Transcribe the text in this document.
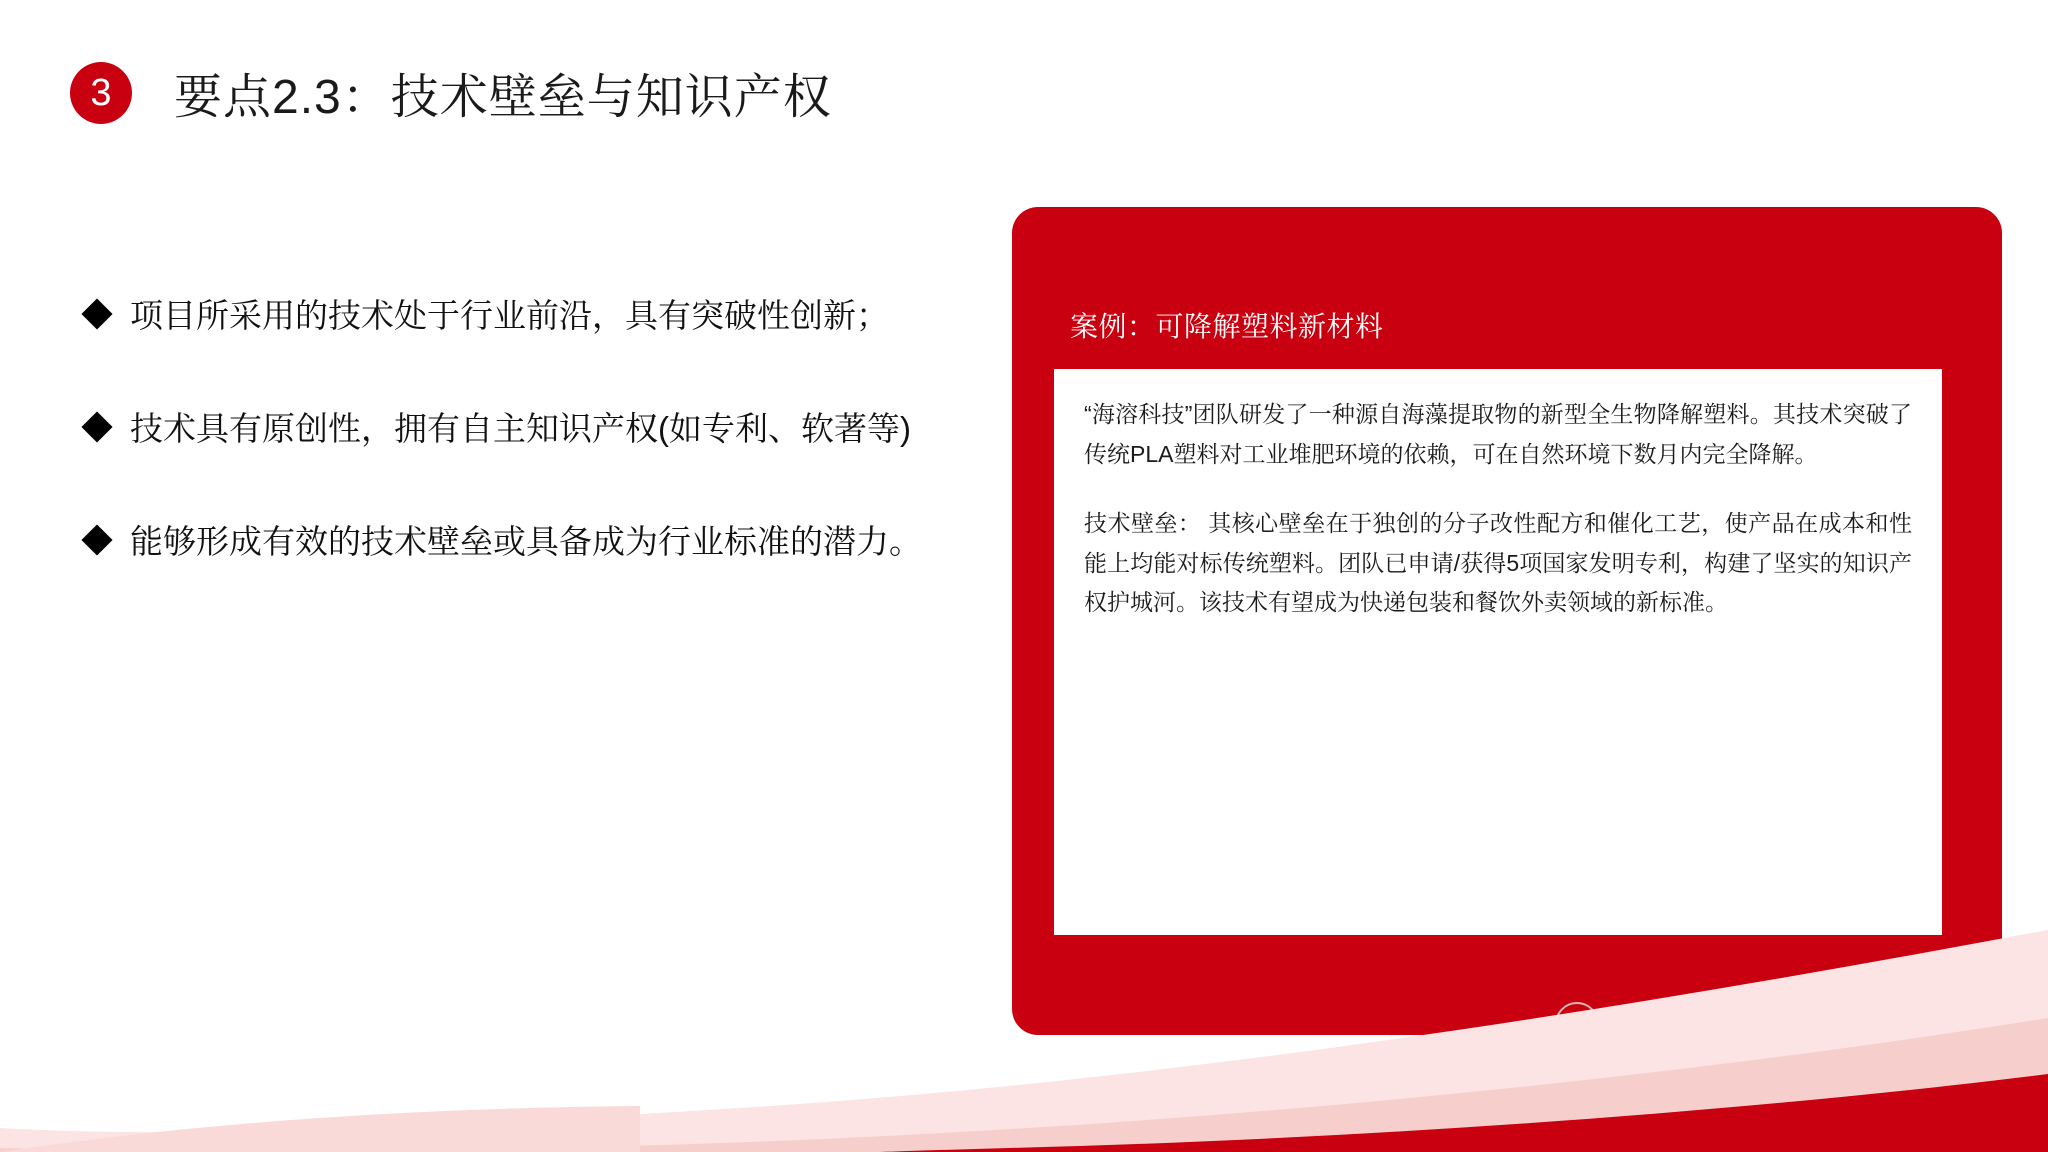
3	要点2.3：技术壁垒与知识产权
项目所采用的技术处于行业前沿，具有突破性创新；
技术具有原创性，拥有自主知识产权(如专利、软著等)
能够形成有效的技术壁垒或具备成为行业标准的潜力。
案例：可降解塑料新材料

“海溶科技”团队研发了一种源自海藻提取物的新型全生物降解塑料。其技术突破了传统PLA塑料对工业堆肥环境的依赖，可在自然环境下数月内完全降解。

技术壁垒： 其核心壁垒在于独创的分子改性配方和催化工艺，使产品在成本和性能上均能对标传统塑料。团队已申请/获得5项国家发明专利，构建了坚实的知识产权护城河。该技术有望成为快递包装和餐饮外卖领域的新标准。
